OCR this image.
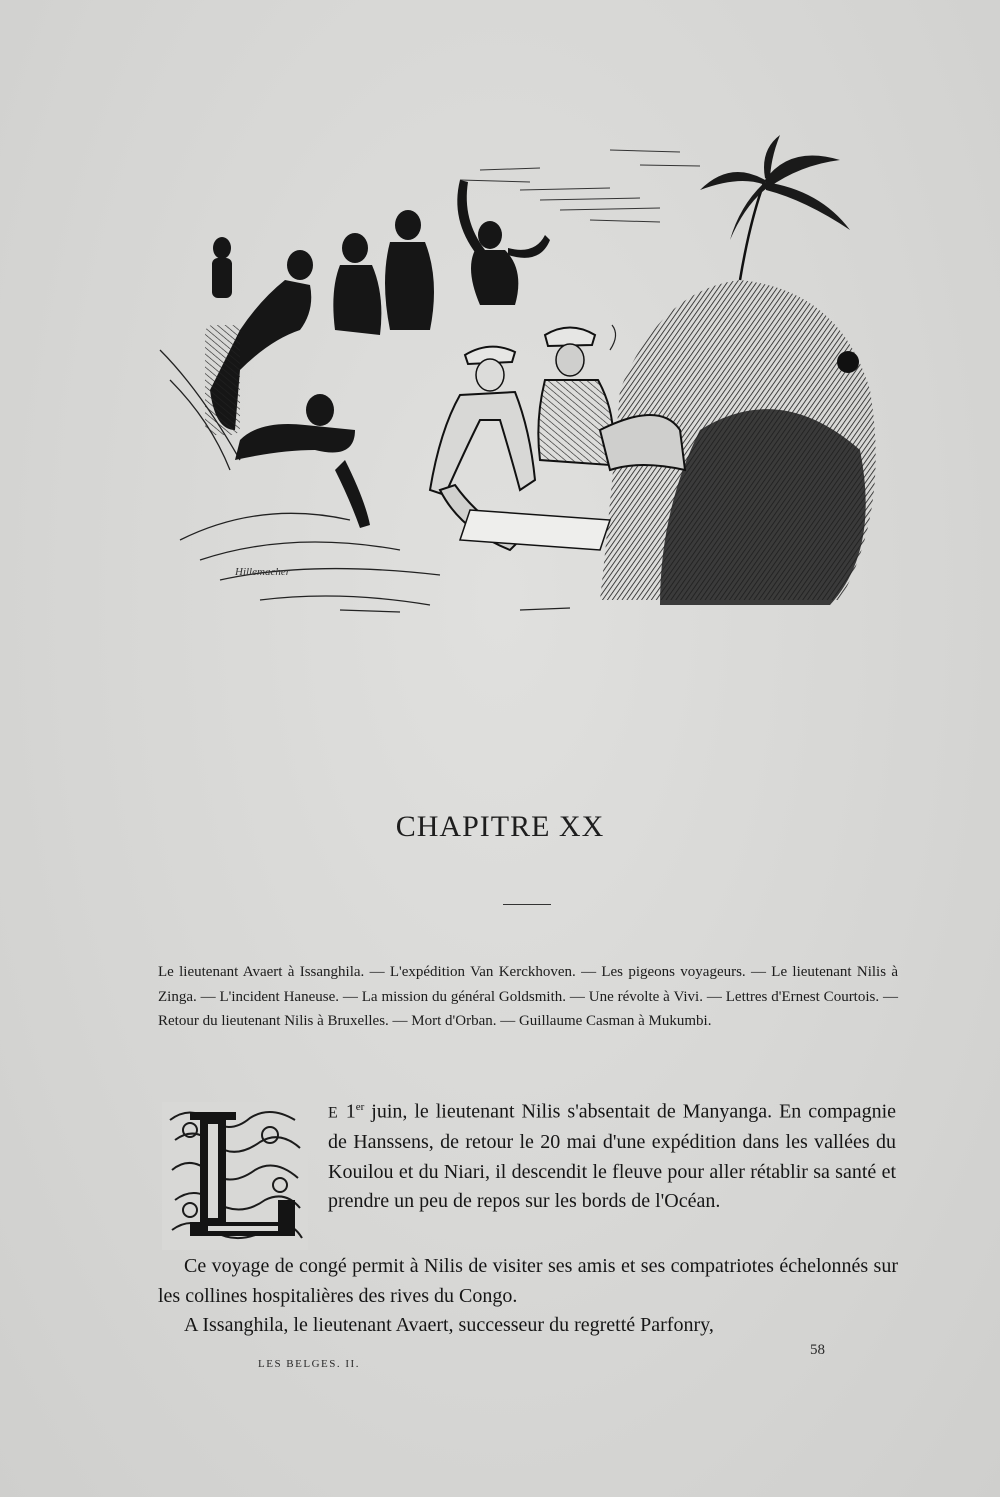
Hillemacher
CHAPITRE XX
Le lieutenant Avaert à Issanghila. — L'expédition Van Kerckhoven. — Les pigeons voyageurs. — Le lieutenant Nilis à Zinga. — L'incident Haneuse. — La mission du général Goldsmith. — Une révolte à Vivi. — Lettres d'Ernest Courtois. — Retour du lieutenant Nilis à Bruxelles. — Mort d'Orban. — Guillaume Casman à Mukumbi.
E 1er juin, le lieutenant Nilis s'absentait de Manyanga. En compagnie de Hanssens, de retour le 20 mai d'une expédition dans les vallées du Kouilou et du Niari, il descendit le fleuve pour aller rétablir sa santé et prendre un peu de repos sur les bords de l'Océan.
Ce voyage de congé permit à Nilis de visiter ses amis et ses compatriotes échelonnés sur les collines hospitalières des rives du Congo.
A Issanghila, le lieutenant Avaert, successeur du regretté Parfonry,
LES BELGES. II.
58
